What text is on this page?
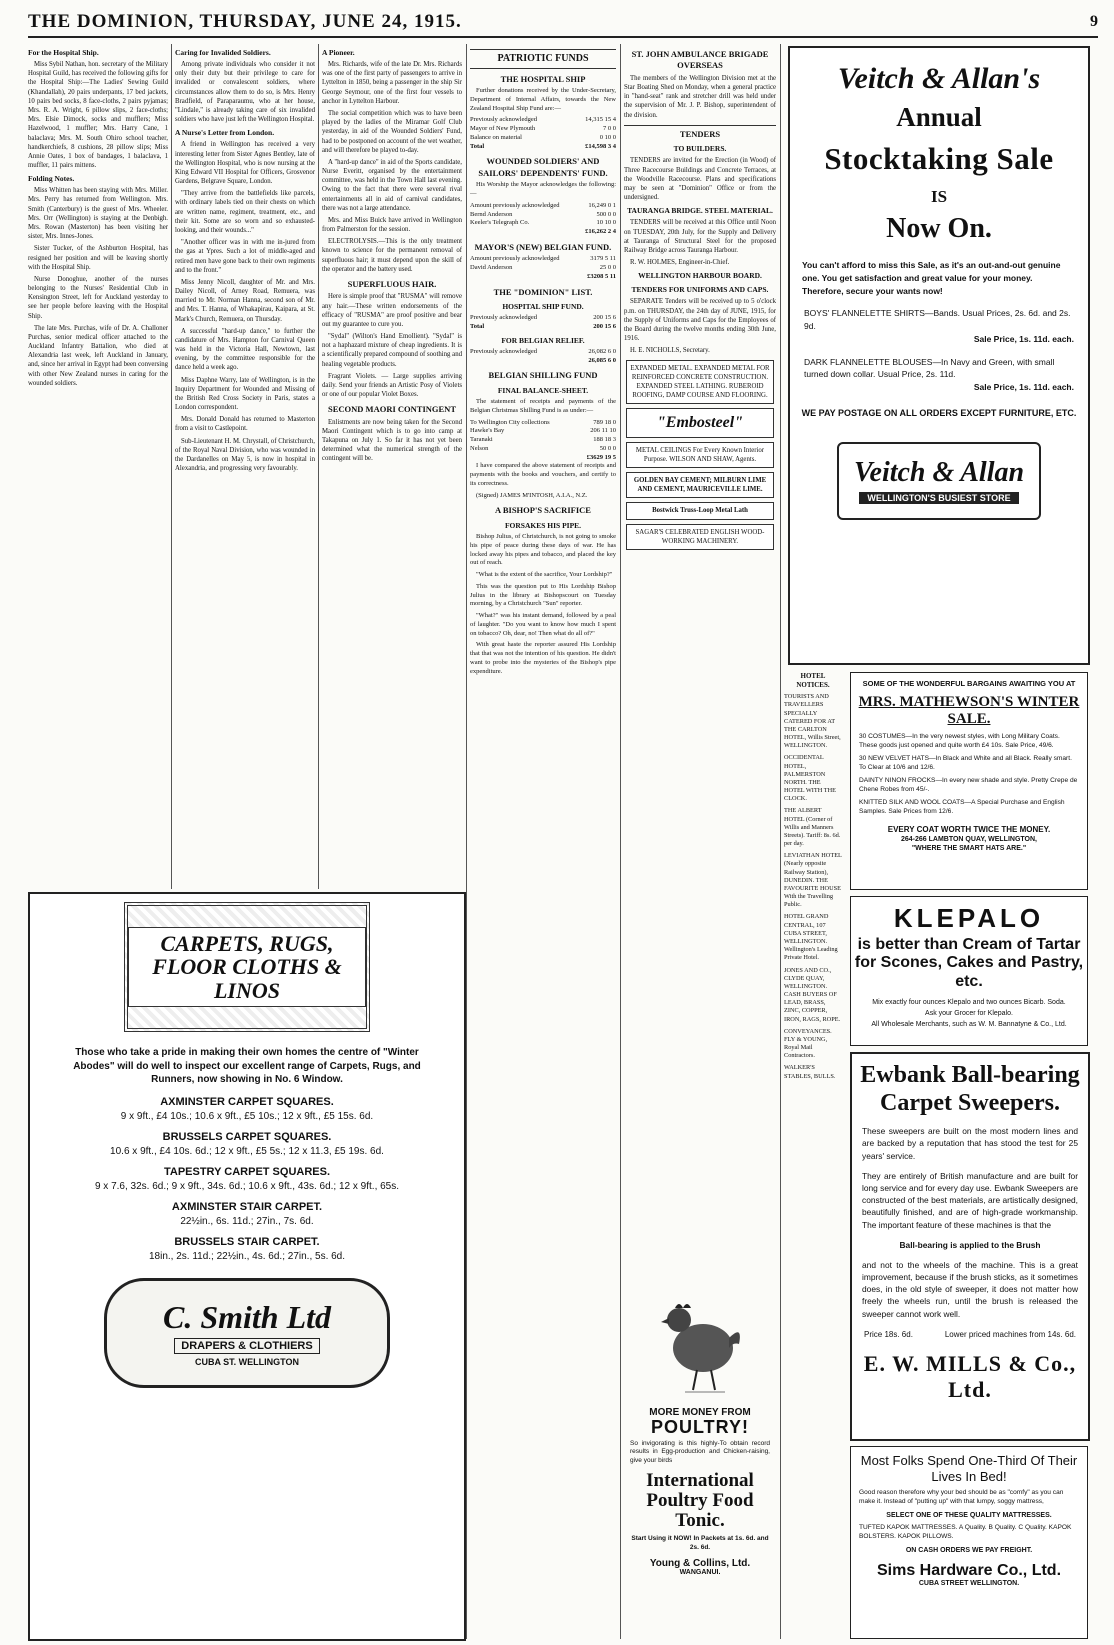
THE DOMINION, THURSDAY, JUNE 24, 1915.	9
For the Hospital Ship.

Miss Sybil Nathan, hon. secretary of the Military Hospital Guild, has received the following gifts for the Hospital Ship:—The Ladies' Sewing Guild (Khandallah), 20 pairs underpants, 17 bed jackets, 10 pairs bed socks, 8 face-cloths, 2 pairs pyjamas; Mrs. R. A. Wright, 6 pillow slips, 2 face-cloths; Mrs. Elsie Dimock, socks and mufflers; Miss Hazelwood, 1 muffler; Mrs. Harry Cane, 1 balaclava; Mrs. M. South Ohiro school teacher, handkerchiefs, 8 cushions, 28 pillow slips; Miss Annie Oates, 1 box of bandages, 1 balaclava, 1 muffler, 11 pairs mittens.

Folding Notes.

Miss Whitten has been staying with Mrs. Miller. Mrs. Perry has returned from Wellington. Mrs. Smith (Canterbury) is the guest of Mrs. Wheeler. Mrs. Orr (Wellington) is staying at the Denbigh. Mrs. Rowan (Masterton) has been visiting her sister, Mrs. Innes-Jones.

Sister Tucker, of the Ashburton Hospital, has resigned her position and will be leaving shortly with the Hospital Ship.

Nurse Donoghue, another of the nurses belonging to the Nurses' Residential Club in Kensington Street, left for Auckland yesterday to see her people before leaving with the Hospital Ship.

The late Mrs. Purchas, wife of Dr. A. Challoner Purchas, senior medical officer attached to the Auckland Infantry Battalion, who died at Alexandria last week, left Auckland in January, and, since her arrival in Egypt had been conversing with other New Zealand nurses in caring for the wounded soldiers.

Caring for Invalided Soldiers.

Among private individuals who consider it not only their duty but their privilege to care for invalided or convalescent soldiers, where circumstances allow them to do so, is Mrs. Henry Bradfield, of Paraparaumu, who at her house, "Lindale," is already taking care of six invalided soldiers who have just left the Wellington Hospital.

A Nurse's Letter from London.

A friend in Wellington has received a very interesting letter from Sister Agnes Bentley, late of the Wellington Hospital, who is now nursing at the King Edward VII Hospital for Officers, Grosvenor Gardens, Belgrave Square, London.

"They arrive from the battlefields like parcels, with ordinary labels tied on their chests on which are written name, regiment, treatment, etc., and their kit. Some are so worn and so exhausted-looking, and their wounds..."

"Another officer was in with me in-jured from the gas at Ypres. Such a lot of middle-aged and retired men have gone back to their own regiments and to the front."

Miss Jenny Nicoll, daughter of Mr. and Mrs. Dailey Nicoll, of Arney Road, Remuera, was married to Mr. Norman Hanna, second son of Mr. and Mrs. T. Hanna, of Whakapirau, Kaipara, at St. Mark's Church, Remuera, on Thursday.

A successful "hard-up dance," to further the candidature of Mrs. Hampton for Carnival Queen was held in the Victoria Hall, Newtown, last evening, by the committee responsible for the dance held a week ago.

Miss Daphne Warry, late of Wellington, is in the Inquiry Department for Wounded and Missing of the British Red Cross Society in Paris, states a London correspondent.

Mrs. Donald Donald has returned to Masterton from a visit to Castlepoint.

Sub-Lieutenant H. M. Chrystall, of Christchurch, of the Royal Naval Division, who was wounded in the Dardanelles on May 5, is now in hospital in Alexandria, and progressing very favourably.

A Pioneer.

Mrs. Richards, wife of the late Dr. Mrs. Richards was one of the first party of passengers to arrive in Lyttelton in 1850, being a passenger in the ship Sir George Seymour, one of the first four vessels to anchor in Lyttelton Harbour.

The social competition which was to have been played by the ladies of the Miramar Golf Club yesterday, in aid of the Wounded Soldiers' Fund, had to be postponed on account of the wet weather, and will therefore be played to-day.

A "hard-up dance" in aid of the Sports candidate, Nurse Everitt, organised by the entertainment committee, was held in the Town Hall last evening. Owing to the fact that there were several rival entertainments all in aid of carnival candidates, there was not a large attendance.

Mrs. and Miss Buick have arrived in Wellington from Palmerston for the session.

ELECTROLYSIS.—This is the only treatment known to science for the permanent removal of superfluous hair; it must depend upon the skill of the operator and the battery used.

SUPERFLUOUS HAIR.

Here is simple proof that "RUSMA" will remove any hair.—These written endorsements of the efficacy of "RUSMA" are proof positive and bear out my guarantee to cure you.

"Sydal" (Wilton's Hand Emollient). "Sydal" is not a haphazard mixture of cheap ingredients. It is a scientifically prepared compound of soothing and healing vegetable products.

Fragrant Violets. — Large supplies arriving daily. Send your friends an Artistic Posy of Violets or one of our popular Violet Boxes.

SECOND MAORI CONTINGENT

Enlistments are now being taken for the Second Maori Contingent which is to go into camp at Takapuna on July 1. So far it has not yet been determined what the numerical strength of the contingent will be.

PATRIOTIC FUNDS
THE HOSPITAL SHIP

Further donations received by the Under-Secretary, Department of Internal Affairs, towards the New Zealand Hospital Ship Fund are:—

Previously acknowledged	14,315 15 4
Mayor of New Plymouth	7 0 0
Balance on material	0 10 0
Total	£14,598 3 4
WOUNDED SOLDIERS' AND SAILORS' DEPENDENTS' FUND.

His Worship the Mayor acknowledges the following:—

Amount previously acknowledged	16,249 0 1
Bernd Anderson	500 0 0
Keeler's Telegraph Co.	10 10 0
£16,262 2 4
MAYOR'S (NEW) BELGIAN FUND.
Amount previously acknowledged	3179 5 11
David Anderson	25 0 0
£3208 5 11
THE "DOMINION" LIST.
HOSPITAL SHIP FUND.
Previously acknowledged	200 15 6
Total	200 15 6
FOR BELGIAN RELIEF.
Previously acknowledged	26,082 6 0
26,085 6 0
BELGIAN SHILLING FUND
FINAL BALANCE-SHEET.

The statement of receipts and payments of the Belgian Christmas Shilling Fund is as under:—

To Wellington City collections	789 18 0
Hawke's Bay	206 11 10
Taranaki	188 18 3
Nelson	50 0 0
£3629 19 5

I have compared the above statement of receipts and payments with the books and vouchers, and certify to its correctness.

(Signed) JAMES M'INTOSH, A.I.A., N.Z.

A BISHOP'S SACRIFICE
FORSAKES HIS PIPE.

Bishop Julius, of Christchurch, is not going to smoke his pipe of peace during these days of war. He has locked away his pipes and tobacco, and placed the key out of reach.

"What is the extent of the sacrifice, Your Lordship?"

This was the question put to His Lordship Bishop Julius in the library at Bishopscourt on Tuesday morning, by a Christchurch "Sun" reporter.

"What?" was his instant demand, followed by a peal of laughter. "Do you want to know how much I spent on tobacco? Oh, dear, no! Then what do all of?"

With great haste the reporter assured His Lordship that that was not the intention of his question. He didn't want to probe into the mysteries of the Bishop's pipe expenditure.

ST. JOHN AMBULANCE BRIGADE OVERSEAS

The members of the Wellington Division met at the Star Boating Shed on Monday, when a general practice in "hand-seat" rank and stretcher drill was held under the supervision of Mr. J. P. Bishop, superintendent of the division.

TENDERS
TO BUILDERS.

TENDERS are invited for the Erection (in Wood) of Three Racecourse Buildings and Concrete Terraces, at the Woodville Racecourse. Plans and specifications may be seen at "Dominion" Office or from the undersigned.

TAURANGA BRIDGE. STEEL MATERIAL.

TENDERS will be received at this Office until Noon on TUESDAY, 20th July, for the Supply and Delivery at Tauranga of Structural Steel for the proposed Railway Bridge across Tauranga Harbour.

R. W. HOLMES, Engineer-in-Chief.

WELLINGTON HARBOUR BOARD.
TENDERS FOR UNIFORMS AND CAPS.

SEPARATE Tenders will be received up to 5 o'clock p.m. on THURSDAY, the 24th day of JUNE, 1915, for the Supply of Uniforms and Caps for the Employees of the Board during the twelve months ending 30th June, 1916.

H. E. NICHOLLS, Secretary.

EXPANDED METAL. EXPANDED METAL FOR REINFORCED CONCRETE CONSTRUCTION. EXPANDED STEEL LATHING. RUBEROID ROOFING, DAMP COURSE AND FLOORING.
"Embosteel"
METAL CEILINGS For Every Known Interior Purpose. WILSON AND SHAW, Agents.
GOLDEN BAY CEMENT; MILBURN LIME AND CEMENT, MAURICEVILLE LIME.
Bostwick Truss-Loop Metal Lath
SAGAR'S CELEBRATED ENGLISH WOOD-WORKING MACHINERY.
CARPETS, RUGS, FLOOR CLOTHS & LINOS
Those who take a pride in making their own homes the centre of "Winter Abodes" will do well to inspect our excellent range of Carpets, Rugs, and Runners, now showing in No. 6 Window.
AXMINSTER CARPET SQUARES.
9 x 9ft., £4 10s.; 10.6 x 9ft., £5 10s.; 12 x 9ft., £5 15s. 6d.
BRUSSELS CARPET SQUARES.
10.6 x 9ft., £4 10s. 6d.; 12 x 9ft., £5 5s.; 12 x 11.3, £5 19s. 6d.
TAPESTRY CARPET SQUARES.
9 x 7.6, 32s. 6d.; 9 x 9ft., 34s. 6d.; 10.6 x 9ft., 43s. 6d.; 12 x 9ft., 65s.
AXMINSTER STAIR CARPET.
22½in., 6s. 11d.; 27in., 7s. 6d.
BRUSSELS STAIR CARPET.
18in., 2s. 11d.; 22½in., 4s. 6d.; 27in., 5s. 6d.
C. Smith Ltd
DRAPERS & CLOTHIERS
CUBA ST. WELLINGTON
MORE MONEY FROM
POULTRY!
So invigorating is this highly-To obtain record results in Egg-production and Chicken-raising, give your birds
International Poultry Food Tonic.
Start Using it NOW! In Packets at 1s. 6d. and 2s. 6d.
Young & Collins, Ltd.
WANGANUI.
Veitch & Allan's
Annual
Stocktaking Sale
IS
Now On.
You can't afford to miss this Sale, as it's an out-and-out genuine one. You get satisfaction and great value for your money. Therefore, secure your wants now!
BOYS' FLANNELETTE SHIRTS—Bands. Usual Prices, 2s. 6d. and 2s. 9d.
Sale Price, 1s. 11d. each.
DARK FLANNELETTE BLOUSES—In Navy and Green, with small turned down collar. Usual Price, 2s. 11d.
Sale Price, 1s. 11d. each.
WE PAY POSTAGE ON ALL ORDERS EXCEPT FURNITURE, ETC.
Veitch & Allan
WELLINGTON'S BUSIEST STORE
HOTEL NOTICES.

TOURISTS AND TRAVELLERS SPECIALLY CATERED FOR AT THE CARLTON HOTEL, Willis Street, WELLINGTON.

OCCIDENTAL HOTEL, PALMERSTON NORTH. THE HOTEL WITH THE CLOCK.

THE ALBERT HOTEL (Corner of Willis and Manners Streets). Tariff: 8s. 6d. per day.

LEVIATHAN HOTEL (Nearly opposite Railway Station), DUNEDIN. THE FAVOURITE HOUSE With the Travelling Public.

HOTEL GRAND CENTRAL, 107 CUBA STREET, WELLINGTON. Wellington's Leading Private Hotel.

JONES AND CO., CLYDE QUAY, WELLINGTON. CASH BUYERS OF LEAD, BRASS, ZINC, COPPER, IRON, RAGS, ROPE.

CONVEYANCES. FLY & YOUNG, Royal Mail Contractors.

WALKER'S STABLES, BULLS.

SOME OF THE WONDERFUL BARGAINS AWAITING YOU AT
MRS. MATHEWSON'S WINTER SALE.
30 COSTUMES—In the very newest styles, with Long Military Coats. These goods just opened and quite worth £4 10s. Sale Price, 49/6.
30 NEW VELVET HATS—In Black and White and all Black. Really smart. To Clear at 10/6 and 12/6.
DAINTY NINON FROCKS—In every new shade and style. Pretty Crepe de Chene Robes from 45/-.
KNITTED SILK AND WOOL COATS—A Special Purchase and English Samples. Sale Prices from 12/6.
EVERY COAT WORTH TWICE THE MONEY.
264-266 LAMBTON QUAY, WELLINGTON,
"WHERE THE SMART HATS ARE."
KLEPALO
is better than Cream of Tartar for Scones, Cakes and Pastry, etc.
Mix exactly four ounces Klepalo and two ounces Bicarb. Soda.
Ask your Grocer for Klepalo.
All Wholesale Merchants, such as W. M. Bannatyne & Co., Ltd.
Ewbank Ball-bearing Carpet Sweepers.
These sweepers are built on the most modern lines and are backed by a reputation that has stood the test for 25 years' service.
They are entirely of British manufacture and are built for long service and for every day use. Ewbank Sweepers are constructed of the best materials, are artistically designed, beautifully finished, and are of high-grade workmanship. The important feature of these machines is that the
Ball-bearing is applied to the Brush
and not to the wheels of the machine. This is a great improvement, because if the brush sticks, as it sometimes does, in the old style of sweeper, it does not matter how freely the wheels run, until the brush is released the sweeper cannot work well.
Price 18s. 6d.	Lower priced machines from 14s. 6d.
E. W. MILLS & Co., Ltd.
Most Folks Spend One-Third Of Their Lives In Bed!
Good reason therefore why your bed should be as "comfy" as you can make it. Instead of "putting up" with that lumpy, soggy mattress,
SELECT ONE OF THESE QUALITY MATTRESSES.
TUFTED KAPOK MATTRESSES. A Quality. B Quality. C Quality. KAPOK BOLSTERS. KAPOK PILLOWS.
ON CASH ORDERS WE PAY FREIGHT.
Sims Hardware Co., Ltd.
CUBA STREET WELLINGTON.
